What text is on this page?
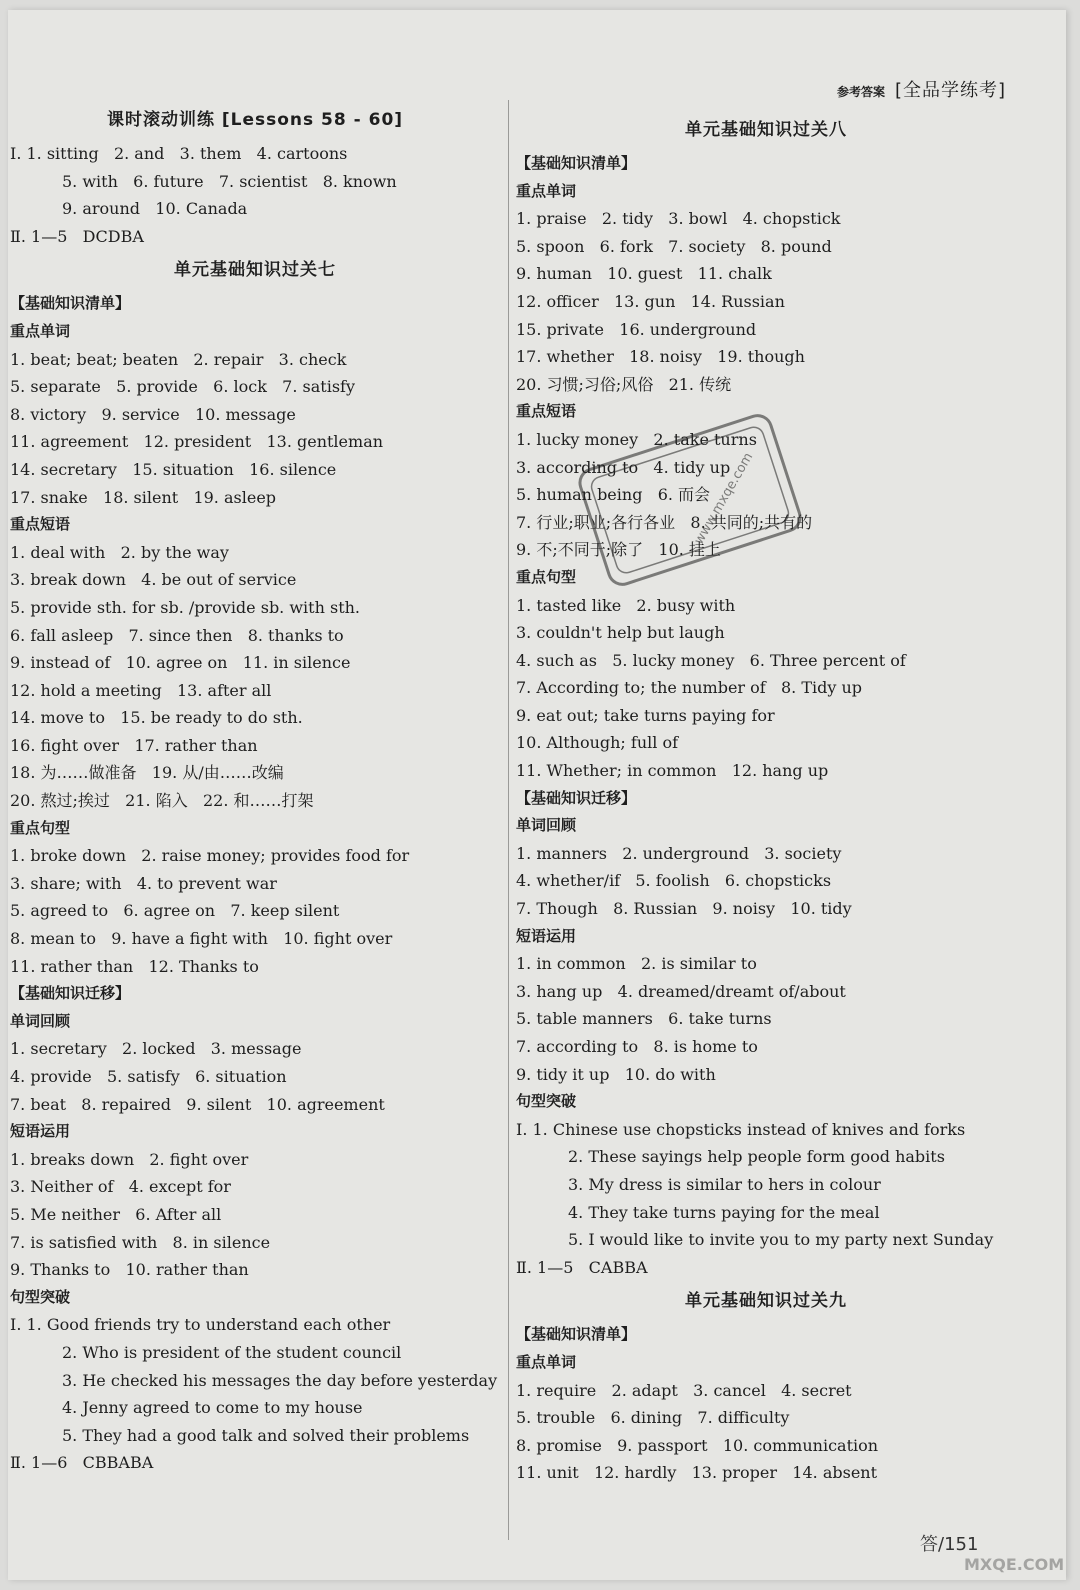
参考答案 [全品学练考]
课时滚动训练 [Lessons 58 - 60]
Ⅰ. 1. sitting   2. and   3. them   4. cartoons
5. with   6. future   7. scientist   8. known
9. around   10. Canada
Ⅱ. 1—5   DCDBA
单元基础知识过关七
【基础知识清单】
重点单词
1. beat; beat; beaten   2. repair   3. check
5. separate   5. provide   6. lock   7. satisfy
8. victory   9. service   10. message
11. agreement   12. president   13. gentleman
14. secretary   15. situation   16. silence
17. snake   18. silent   19. asleep
重点短语
1. deal with   2. by the way
3. break down   4. be out of service
5. provide sth. for sb. /provide sb. with sth.
6. fall asleep   7. since then   8. thanks to
9. instead of   10. agree on   11. in silence
12. hold a meeting   13. after all
14. move to   15. be ready to do sth.
16. fight over   17. rather than
18. 为……做准备   19. 从/由……改编
20. 熬过;挨过   21. 陷入   22. 和……打架
重点句型
1. broke down   2. raise money; provides food for
3. share; with   4. to prevent war
5. agreed to   6. agree on   7. keep silent
8. mean to   9. have a fight with   10. fight over
11. rather than   12. Thanks to
【基础知识迁移】
单词回顾
1. secretary   2. locked   3. message
4. provide   5. satisfy   6. situation
7. beat   8. repaired   9. silent   10. agreement
短语运用
1. breaks down   2. fight over
3. Neither of   4. except for
5. Me neither   6. After all
7. is satisfied with   8. in silence
9. Thanks to   10. rather than
句型突破
Ⅰ. 1. Good friends try to understand each other
2. Who is president of the student council
3. He checked his messages the day before yesterday
4. Jenny agreed to come to my house
5. They had a good talk and solved their problems
Ⅱ. 1—6   CBBABA
单元基础知识过关八
【基础知识清单】
重点单词
1. praise   2. tidy   3. bowl   4. chopstick
5. spoon   6. fork   7. society   8. pound
9. human   10. guest   11. chalk
12. officer   13. gun   14. Russian
15. private   16. underground
17. whether   18. noisy   19. though
20. 习惯;习俗;风俗   21. 传统
重点短语
1. lucky money   2. take turns
3. according to   4. tidy up
5. human being   6. 而会
7. 行业;职业;各行各业   8. 共同的;共有的
9. 不;不同于;除了   10. 挂上
重点句型
1. tasted like   2. busy with
3. couldn't help but laugh
4. such as   5. lucky money   6. Three percent of
7. According to; the number of   8. Tidy up
9. eat out; take turns paying for
10. Although; full of
11. Whether; in common   12. hang up
【基础知识迁移】
单词回顾
1. manners   2. underground   3. society
4. whether/if   5. foolish   6. chopsticks
7. Though   8. Russian   9. noisy   10. tidy
短语运用
1. in common   2. is similar to
3. hang up   4. dreamed/dreamt of/about
5. table manners   6. take turns
7. according to   8. is home to
9. tidy it up   10. do with
句型突破
Ⅰ. 1. Chinese use chopsticks instead of knives and forks
2. These sayings help people form good habits
3. My dress is similar to hers in colour
4. They take turns paying for the meal
5. I would like to invite you to my party next Sunday
Ⅱ. 1—5   CABBA
单元基础知识过关九
【基础知识清单】
重点单词
1. require   2. adapt   3. cancel   4. secret
5. trouble   6. dining   7. difficulty
8. promise   9. passport   10. communication
11. unit   12. hardly   13. proper   14. absent
www.mxqe.com
MXQE.COM
答/151
